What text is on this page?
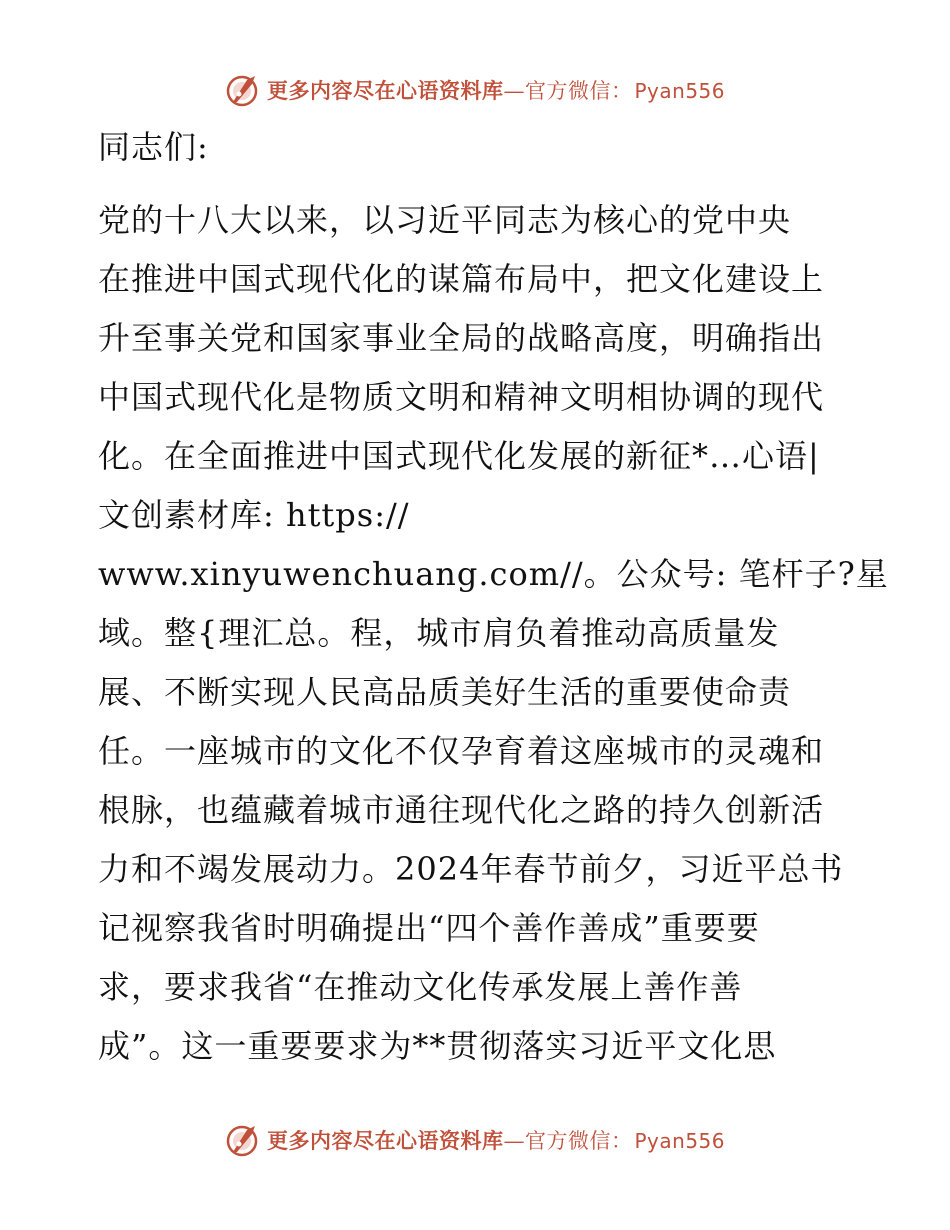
更多内容尽在心语资料库—官方微信： Pyan556
同志们:
党的十八大以来，以习近平同志为核心的党中央
在推进中国式现代化的谋篇布局中，把文化建设上
升至事关党和国家事业全局的战略高度，明确指出
中国式现代化是物质文明和精神文明相协调的现代
化。在全面推进中国式现代化发展的新征*…心语|
文创素材库: https://
www.xinyuwenchuang.com//。公众号: 笔杆子?星
域。整{理汇总。程，城市肩负着推动高质量发
展、不断实现人民高品质美好生活的重要使命责
任。一座城市的文化不仅孕育着这座城市的灵魂和
根脉，也蕴藏着城市通往现代化之路的持久创新活
力和不竭发展动力。2024年春节前夕，习近平总书
记视察我省时明确提出“四个善作善成”重要要
求，要求我省“在推动文化传承发展上善作善
成”。这一重要要求为**贯彻落实习近平文化思
更多内容尽在心语资料库—官方微信： Pyan556
